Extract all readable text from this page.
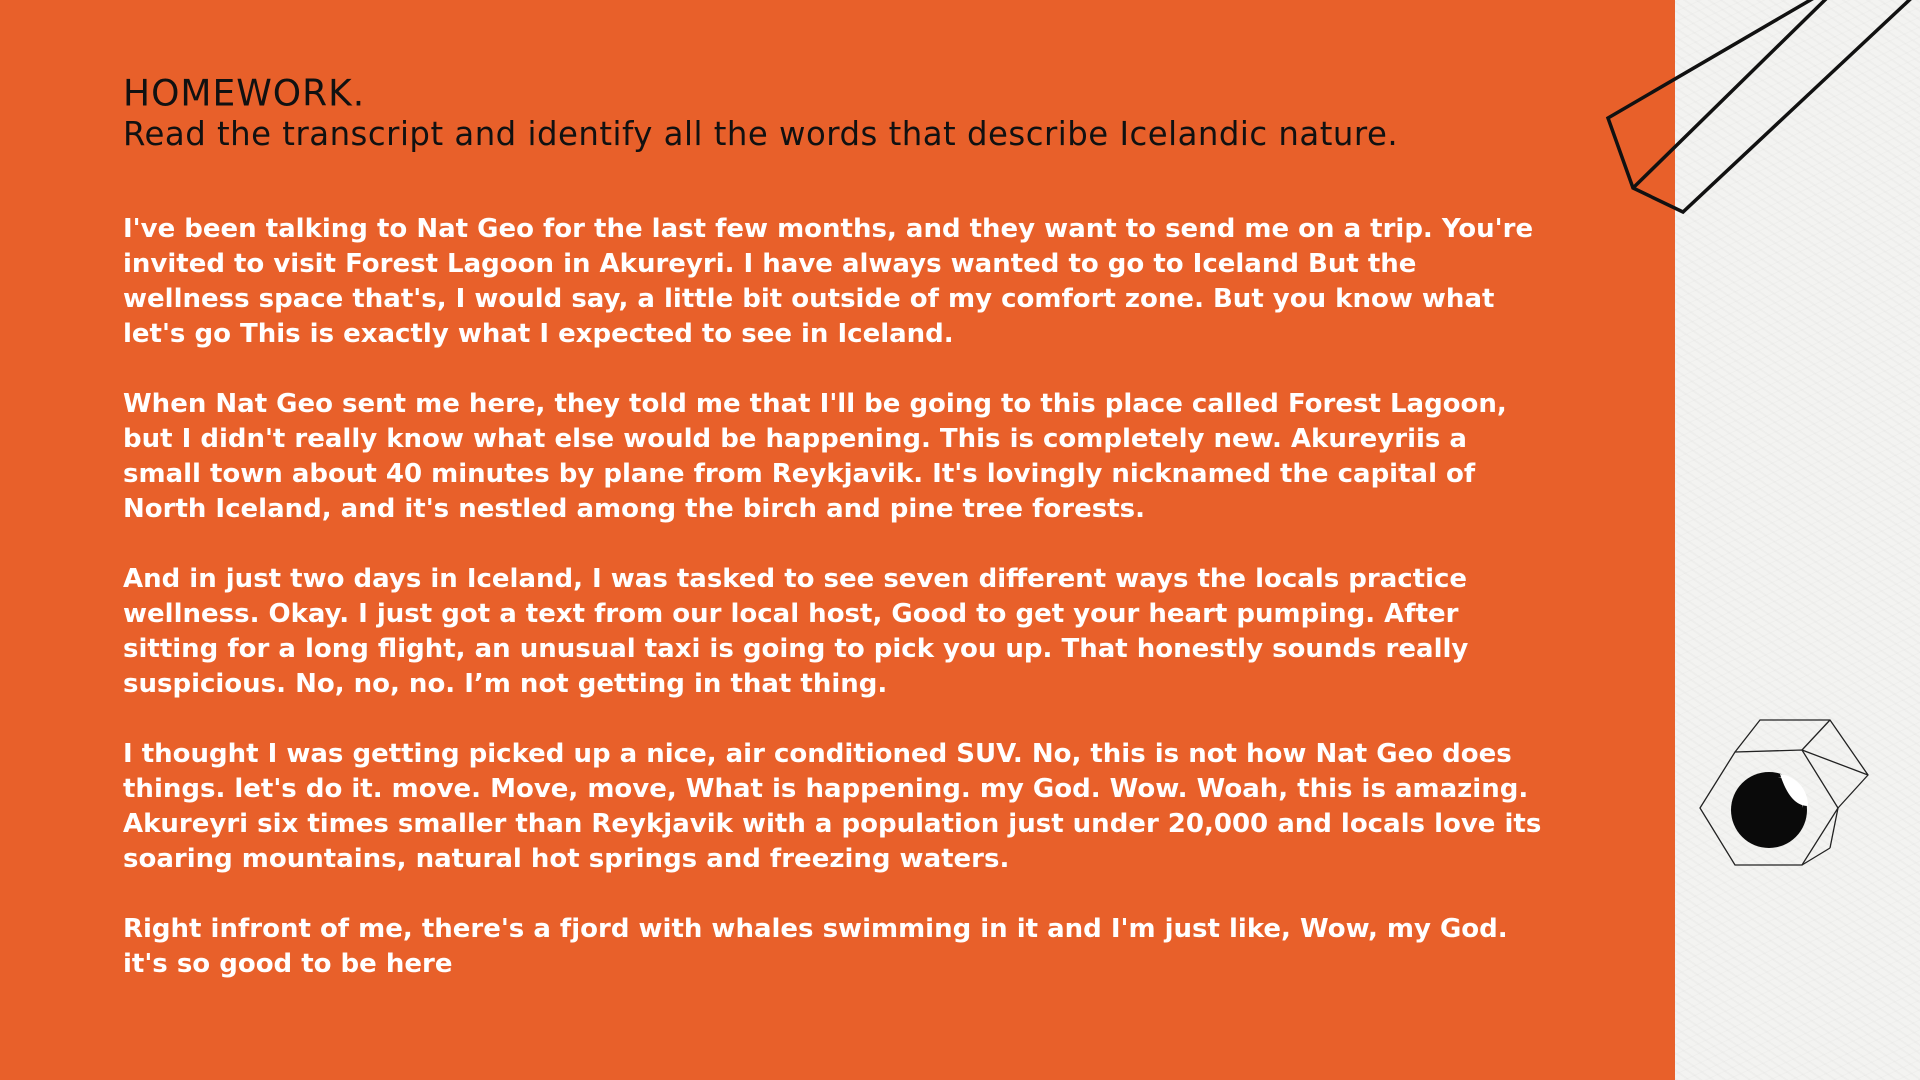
HOMEWORK.
Read the transcript and identify all the words that describe Icelandic nature.

I've been talking to Nat Geo for the last few months, and they want to send me on a trip. You're invited to visit Forest Lagoon in Akureyri. I have always wanted to go to Iceland But the wellness space that's, I would say, a little bit outside of my comfort zone. But you know what let's go This is exactly what I expected to see in Iceland.

When Nat Geo sent me here, they told me that I'll be going to this place called Forest Lagoon, but I didn't really know what else would be happening. This is completely new. Akureyriis a small town about 40 minutes by plane from Reykjavik. It's lovingly nicknamed the capital of North Iceland, and it's nestled among the birch and pine tree forests.

And in just two days in Iceland, I was tasked to see seven different ways the locals practice wellness. Okay. I just got a text from our local host, Good to get your heart pumping. After sitting for a long flight, an unusual taxi is going to pick you up. That honestly sounds really suspicious. No, no, no. I’m not getting in that thing.

I thought I was getting picked up a nice, air conditioned SUV. No, this is not how Nat Geo does things. let's do it. move. Move, move, What is happening. my God. Wow. Woah, this is amazing. Akureyri six times smaller than Reykjavik with a population just under 20,000 and locals love its soaring mountains, natural hot springs and freezing waters.

Right infront of me, there's a fjord with whales swimming in it and I'm just like, Wow, my God. it's so good to be here
